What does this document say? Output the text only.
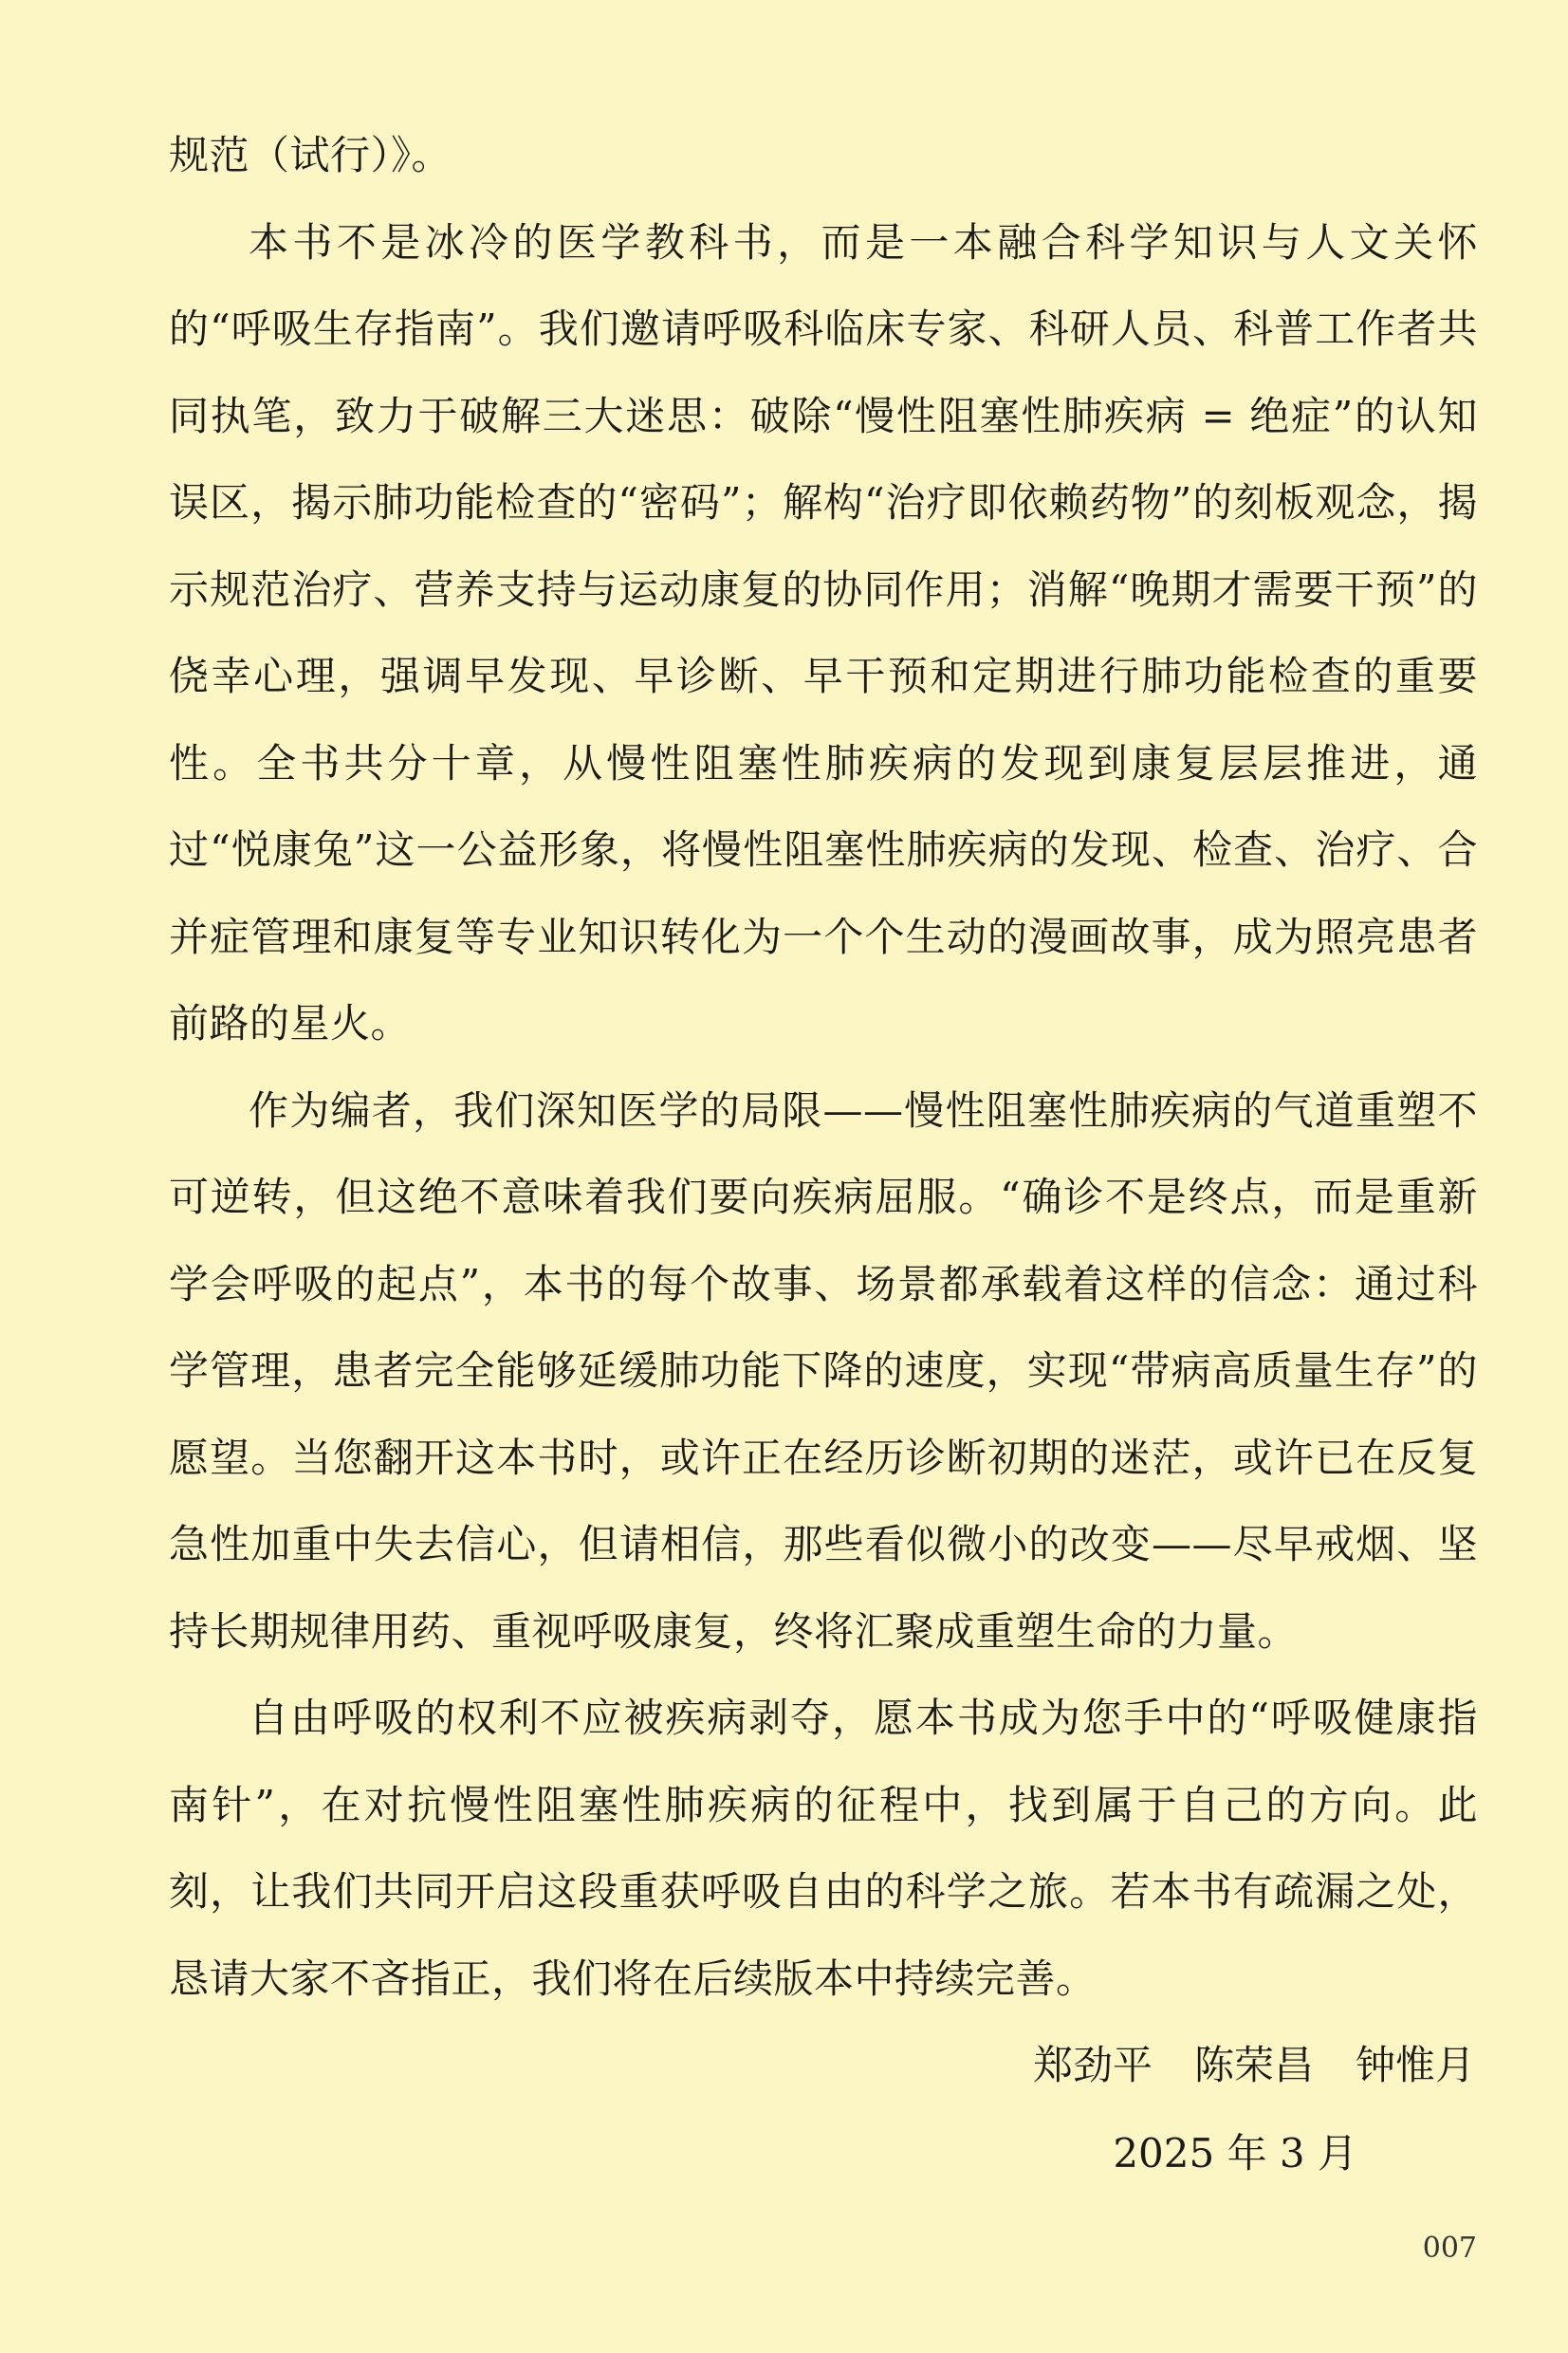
规范（试行）》。

本书不是冰冷的医学教科书，而是一本融合科学知识与人文关怀的“呼吸生存指南”。我们邀请呼吸科临床专家、科研人员、科普工作者共同执笔，致力于破解三大迷思：破除“慢性阻塞性肺疾病 = 绝症”的认知误区，揭示肺功能检查的“密码”；解构“治疗即依赖药物”的刻板观念，揭示规范治疗、营养支持与运动康复的协同作用；消解“晚期才需要干预”的侥幸心理，强调早发现、早诊断、早干预和定期进行肺功能检查的重要性。全书共分十章，从慢性阻塞性肺疾病的发现到康复层层推进，通过“悦康兔”这一公益形象，将慢性阻塞性肺疾病的发现、检查、治疗、合并症管理和康复等专业知识转化为一个个生动的漫画故事，成为照亮患者前路的星火。

作为编者，我们深知医学的局限——慢性阻塞性肺疾病的气道重塑不可逆转，但这绝不意味着我们要向疾病屈服。“确诊不是终点，而是重新学会呼吸的起点”，本书的每个故事、场景都承载着这样的信念：通过科学管理，患者完全能够延缓肺功能下降的速度，实现“带病高质量生存”的愿望。当您翻开这本书时，或许正在经历诊断初期的迷茫，或许已在反复急性加重中失去信心，但请相信，那些看似微小的改变——尽早戒烟、坚持长期规律用药、重视呼吸康复，终将汇聚成重塑生命的力量。

自由呼吸的权利不应被疾病剥夺，愿本书成为您手中的“呼吸健康指南针”，在对抗慢性阻塞性肺疾病的征程中，找到属于自己的方向。此刻，让我们共同开启这段重获呼吸自由的科学之旅。若本书有疏漏之处，恳请大家不吝指正，我们将在后续版本中持续完善。

郑劲平 陈荣昌 钟惟月
2025 年 3 月
007
